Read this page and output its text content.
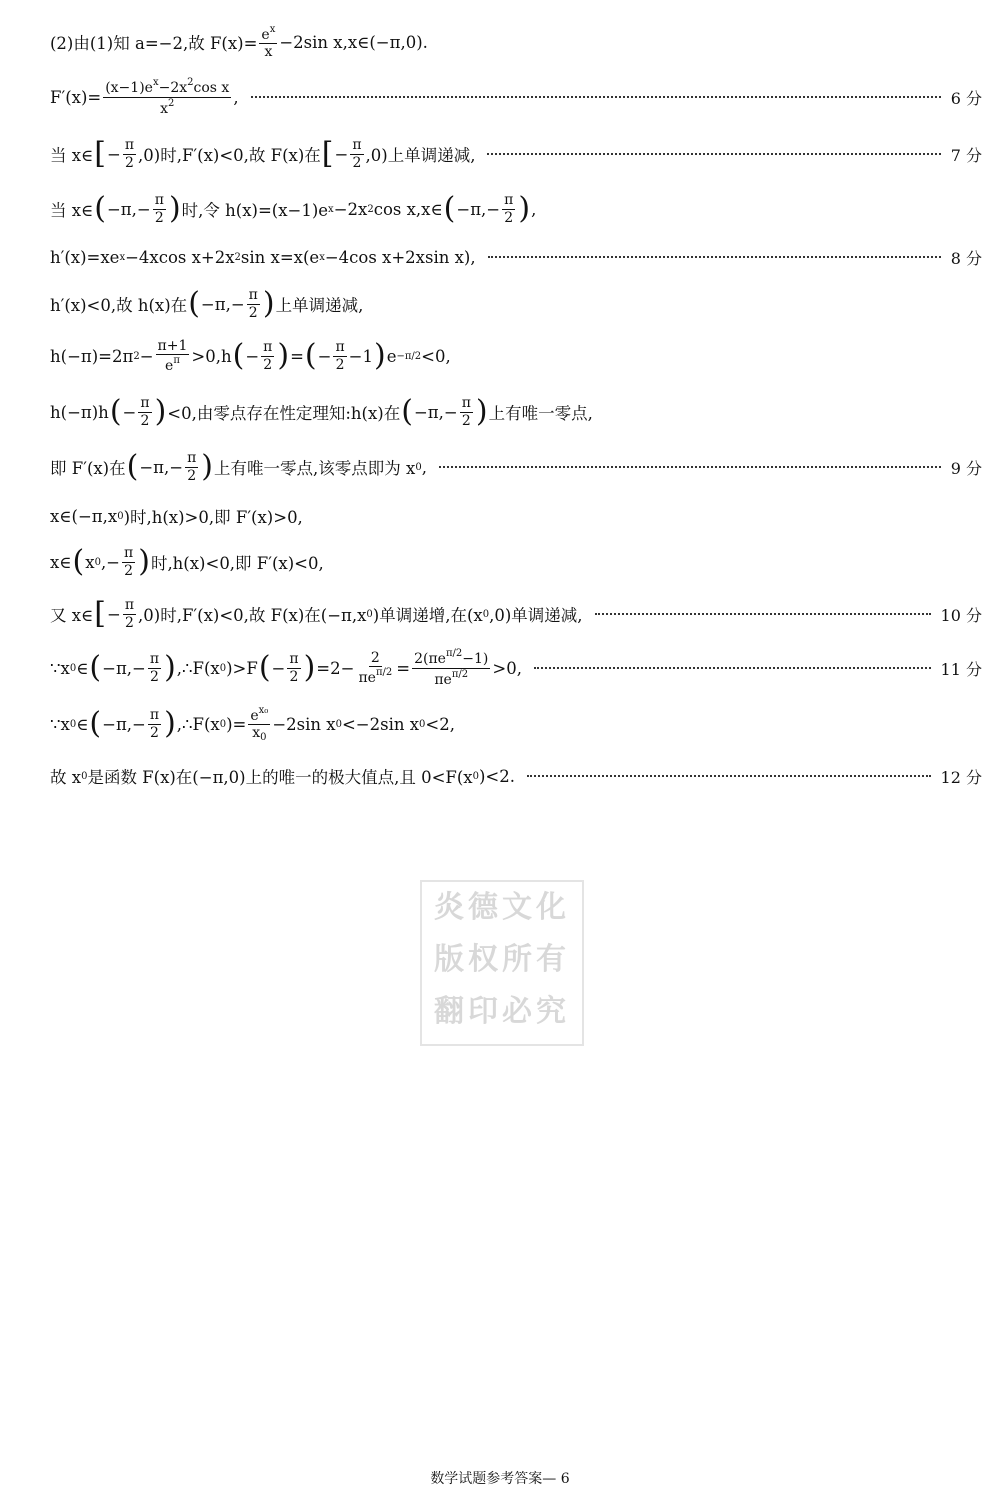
炎德文化
版权所有
翻印必究
(2)由(1)知 a=−2,故 $F(x)= \frac{e^x}{x} -2\sin$ x,x∈(−π,0).
$F'(x)= \frac{(x-1)e^x-2x^2\cos x}{x^2}$ ,	6 分
当 x∈ [ − $\frac{\pi}{2} ,0$)时,F′(x)<0,故 F(x)在 [ − $\frac{\pi}{2} ,0$)上单调递减,	7 分
当 x∈ ( $-\pi,- \frac{\pi}{2}$ ) 时,令 h(x)=(x−1)e x −2x 2 cos x,x∈ ( $-\pi,- \frac{\pi}{2}$ ) ,
h′(x)=xe x −4xcos x+2x 2 sin x=x(e x −4cos x+2xsin x),	8 分
h′(x)<0,故 h(x)在 ( $-\pi,- \frac{\pi}{2}$ ) 上单调递减,
h(−π)=2π $2 - \frac{\pi+1}{e^\pi} >0,h$ ( − $\frac{\pi}{2}$ ) = ( − $\frac{\pi}{2} -1$ ) e −π/2 <0,
h(−π)h ( − $\frac{\pi}{2}$ ) <0,由零点存在性定理知:h(x)在 ( $-\pi,- \frac{\pi}{2}$ ) 上有唯一零点,
即 F′(x)在 ( $-\pi,- \frac{\pi}{2}$ ) 上有唯一零点,该零点即为 x 0 ,	9 分
x∈(−π,x 0 )时,h(x)>0,即 F′(x)>0,
x∈ ( x 0 ,− $\frac{\pi}{2}$ ) 时,h(x)<0,即 F′(x)<0,
又 x∈ [ − $\frac{\pi}{2} ,0$)时,F′(x)<0,故 F(x)在(−π,x 0 )单调递增,在(x 0 ,0)单调递减,	10 分
∵x 0 ∈ ( $-\pi,- \frac{\pi}{2}$ ) ,∴F(x 0 )>F ( − $\frac{\pi}{2}$ ) $=2- \frac{2}{\pi e^{\pi/2}} = \frac{2(\pi e^{\pi/2}-1)}{\pi e^{\pi/2}} >0$,	11 分
∵x 0 ∈ ( $-\pi,- \frac{\pi}{2}$ ) ,∴F(x 0 )= $\frac{e^{x_0}}{x_0} -2\sin$ x 0 <−2sin x 0 <2,
故 x 0 是函数 F(x)在(−π,0)上的唯一的极大值点,且 0<F(x 0 )<2.	12 分
数学试题参考答案— 6
